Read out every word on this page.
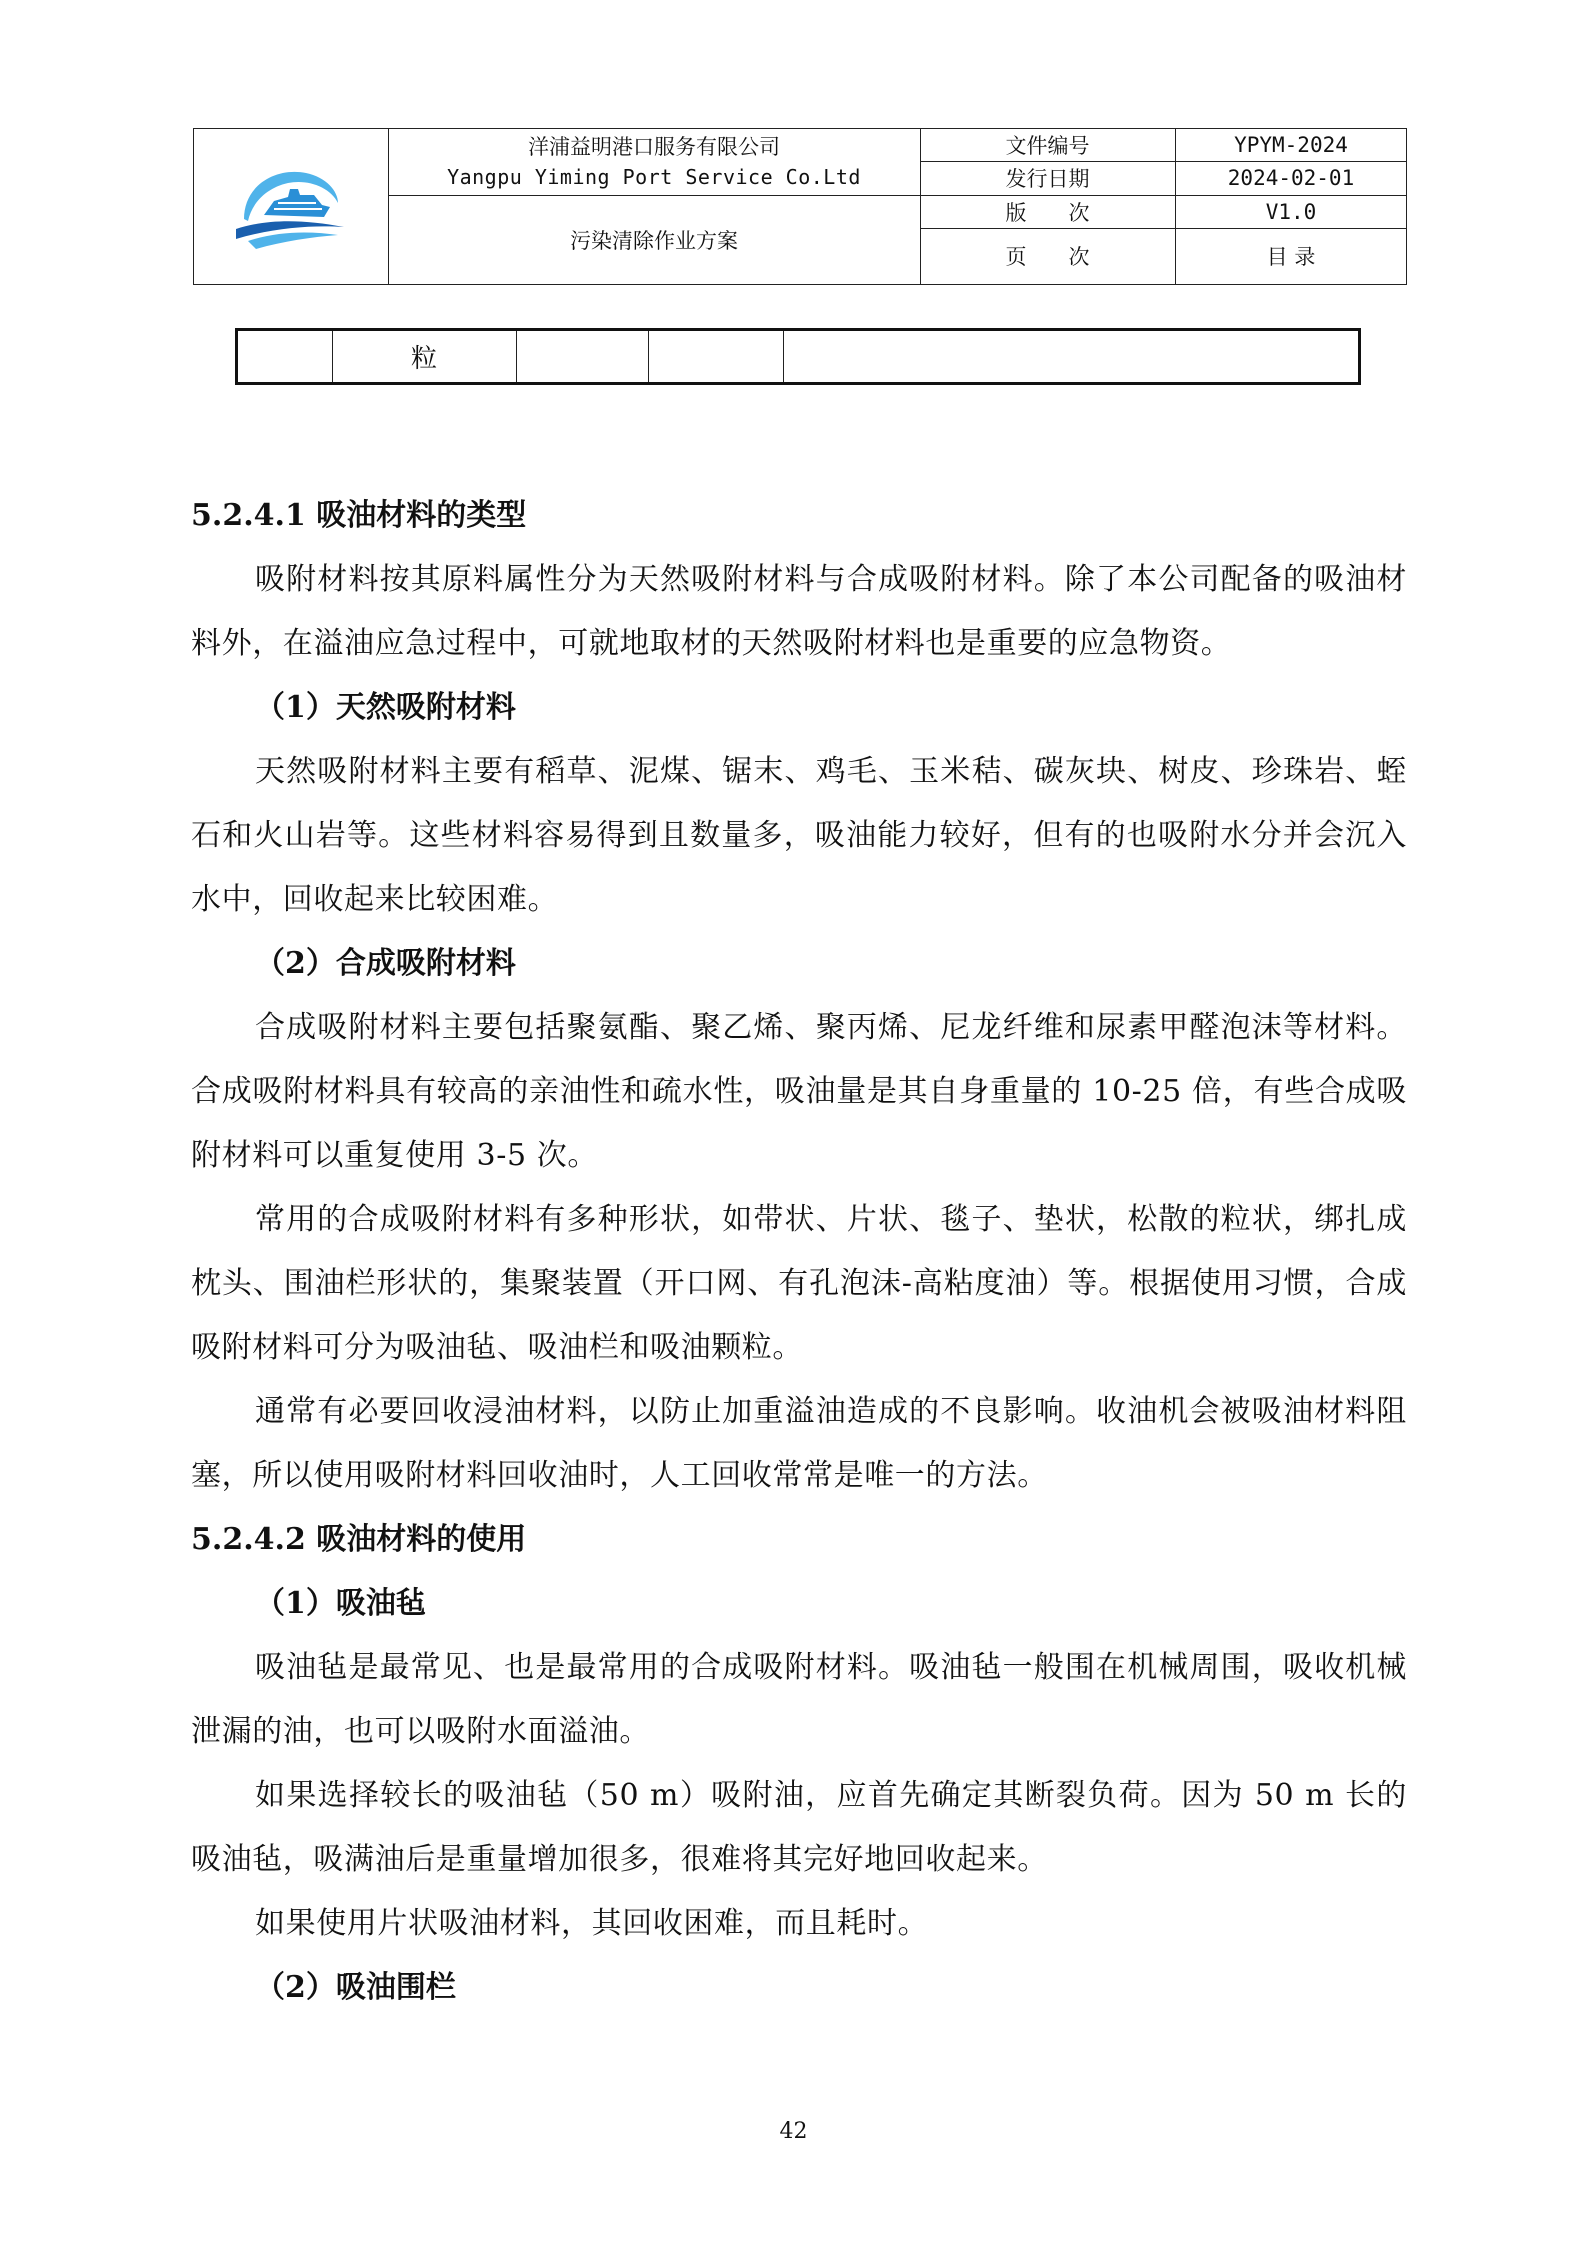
洋浦益明港口服务有限公司
Yangpu Yiming Port Service Co.Ltd
污染清除作业方案
文件编号	YPYM-2024
发行日期	2024-02-01
版　　次	V1.0
页　　次	目 录
粒
5.2.4.1 吸油材料的类型
吸附材料按其原料属性分为天然吸附材料与合成吸附材料。除了本公司配备的吸油材料外，在溢油应急过程中，可就地取材的天然吸附材料也是重要的应急物资。
（1）天然吸附材料
天然吸附材料主要有稻草、泥煤、锯末、鸡毛、玉米秸、碳灰块、树皮、珍珠岩、蛭石和火山岩等。这些材料容易得到且数量多，吸油能力较好，但有的也吸附水分并会沉入水中，回收起来比较困难。
（2）合成吸附材料
合成吸附材料主要包括聚氨酯、聚乙烯、聚丙烯、尼龙纤维和尿素甲醛泡沫等材料。合成吸附材料具有较高的亲油性和疏水性，吸油量是其自身重量的 10-25 倍，有些合成吸附材料可以重复使用 3-5 次。
常用的合成吸附材料有多种形状，如带状、片状、毯子、垫状，松散的粒状，绑扎成枕头、围油栏形状的，集聚装置（开口网、有孔泡沫-高粘度油）等。根据使用习惯，合成吸附材料可分为吸油毡、吸油栏和吸油颗粒。
通常有必要回收浸油材料，以防止加重溢油造成的不良影响。收油机会被吸油材料阻塞，所以使用吸附材料回收油时，人工回收常常是唯一的方法。
5.2.4.2 吸油材料的使用
（1）吸油毡
吸油毡是最常见、也是最常用的合成吸附材料。吸油毡一般围在机械周围，吸收机械泄漏的油，也可以吸附水面溢油。
如果选择较长的吸油毡（50 m）吸附油，应首先确定其断裂负荷。因为 50 m 长的吸油毡，吸满油后是重量增加很多，很难将其完好地回收起来。
如果使用片状吸油材料，其回收困难，而且耗时。
（2）吸油围栏
42
